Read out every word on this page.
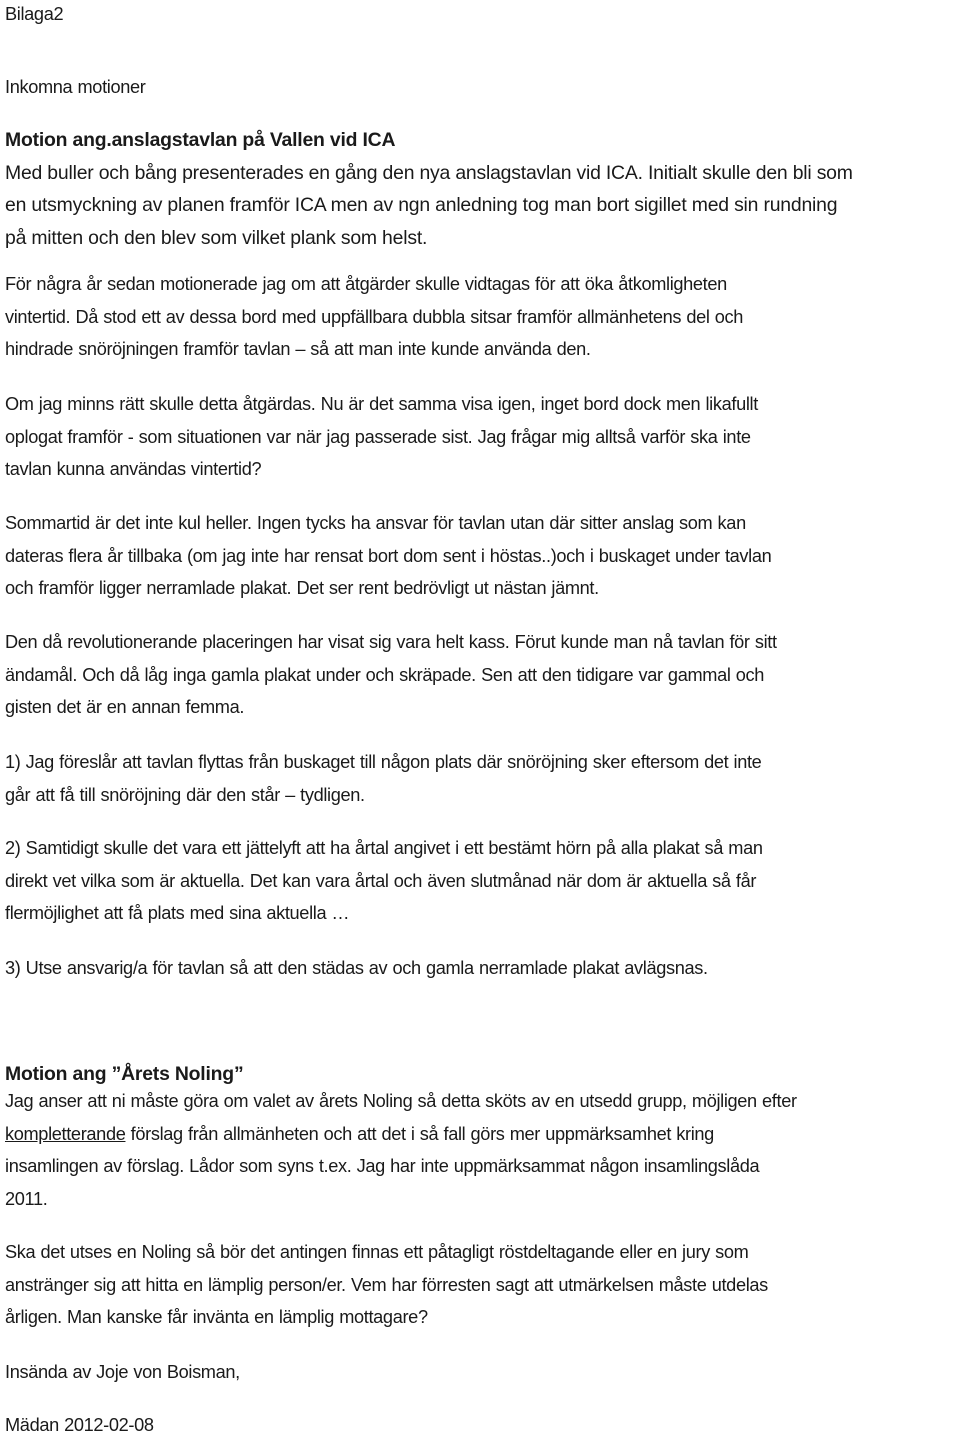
Bilaga2
Inkomna motioner
Motion ang.anslagstavlan på Vallen vid ICA
Med buller och bång presenterades en gång den nya anslagstavlan vid ICA. Initialt skulle den bli som
en utsmyckning av planen framför ICA men av ngn anledning tog man bort sigillet med sin rundning
på mitten och den blev som vilket plank som helst.
För några år sedan motionerade jag om att åtgärder skulle vidtagas för att öka åtkomligheten
vintertid. Då stod ett av dessa bord med uppfällbara dubbla sitsar framför allmänhetens del och
hindrade snöröjningen framför tavlan – så att man inte kunde använda den.
Om jag minns rätt skulle detta åtgärdas. Nu är det samma visa igen, inget bord dock men likafullt
oplogat framför - som situationen var när jag passerade sist. Jag frågar mig alltså varför ska inte
tavlan kunna användas vintertid?
Sommartid är det inte kul heller. Ingen tycks ha ansvar för tavlan utan där sitter anslag som kan
dateras flera år tillbaka (om jag inte har rensat bort dom sent i höstas..)och i buskaget under tavlan
och framför ligger nerramlade plakat. Det ser rent bedrövligt ut nästan jämnt.
Den då revolutionerande placeringen har visat sig vara helt kass. Förut kunde man nå tavlan för sitt
ändamål. Och då låg inga gamla plakat under och skräpade. Sen att den tidigare var gammal och
gisten det är en annan femma.
1) Jag föreslår att tavlan flyttas från buskaget till någon plats där snöröjning sker eftersom det inte
går att få till snöröjning där den står – tydligen.
2) Samtidigt skulle det vara ett jättelyft att ha årtal angivet i ett bestämt hörn på alla plakat så man
direkt vet vilka som är aktuella. Det kan vara årtal och även slutmånad när dom är aktuella så får
flermöjlighet att få plats med sina aktuella …
3) Utse ansvarig/a för tavlan så att den städas av och gamla nerramlade plakat avlägsnas.
Motion ang ”Årets Noling”
Jag anser att ni måste göra om valet av årets Noling så detta sköts av en utsedd grupp, möjligen efter
kompletterande förslag från allmänheten och att det i så fall görs mer uppmärksamhet kring
insamlingen av förslag. Lådor som syns t.ex. Jag har inte uppmärksammat någon insamlingslåda
2011.
Ska det utses en Noling så bör det antingen finnas ett påtagligt röstdeltagande eller en jury som
anstränger sig att hitta en lämplig person/er. Vem har förresten sagt att utmärkelsen måste utdelas
årligen. Man kanske får invänta en lämplig mottagare?
Insända av Joje von Boisman,
Mädan 2012-02-08
